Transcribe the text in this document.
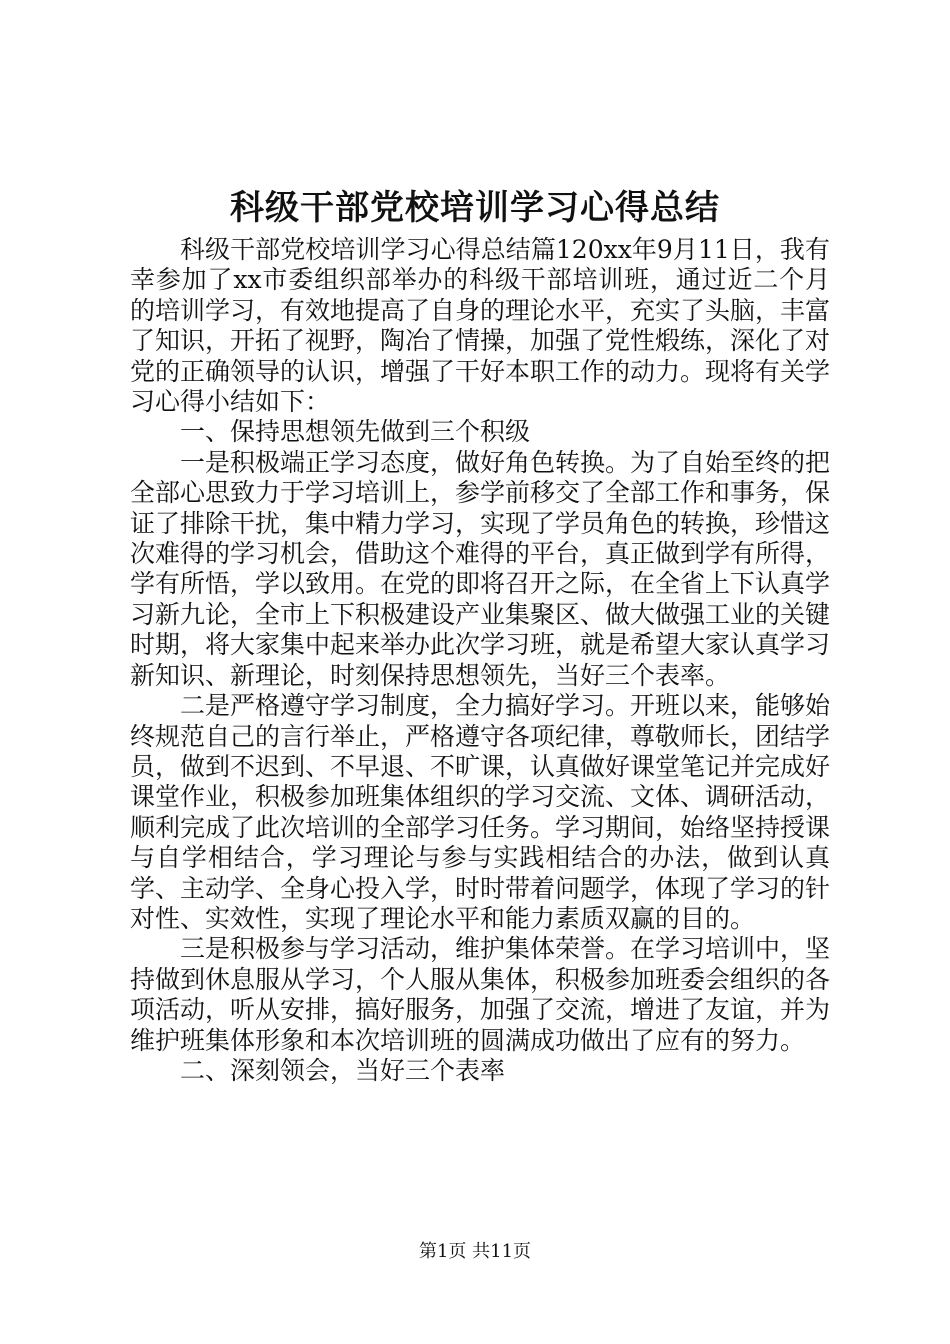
科级干部党校培训学习心得总结

科级干部党校培训学习心得总结篇120xx年9月11日，我有幸参加了xx市委组织部举办的科级干部培训班，通过近二个月的培训学习，有效地提高了自身的理论水平，充实了头脑，丰富了知识，开拓了视野，陶冶了情操，加强了党性煅练，深化了对党的正确领导的认识，增强了干好本职工作的动力。现将有关学习心得小结如下：

一、保持思想领先做到三个积级

一是积极端正学习态度，做好角色转换。为了自始至终的把全部心思致力于学习培训上，参学前移交了全部工作和事务，保证了排除干扰，集中精力学习，实现了学员角色的转换，珍惜这次难得的学习机会，借助这个难得的平台，真正做到学有所得，学有所悟，学以致用。在党的即将召开之际，在全省上下认真学习新九论，全市上下积极建设产业集聚区、做大做强工业的关键时期，将大家集中起来举办此次学习班，就是希望大家认真学习新知识、新理论，时刻保持思想领先，当好三个表率。

二是严格遵守学习制度，全力搞好学习。开班以来，能够始终规范自己的言行举止，严格遵守各项纪律，尊敬师长，团结学员，做到不迟到、不早退、不旷课，认真做好课堂笔记并完成好课堂作业，积极参加班集体组织的学习交流、文体、调研活动，顺利完成了此次培训的全部学习任务。学习期间，始络坚持授课与自学相结合，学习理论与参与实践相结合的办法，做到认真学、主动学、全身心投入学，时时带着问题学，体现了学习的针对性、实效性，实现了理论水平和能力素质双赢的目的。

三是积极参与学习活动，维护集体荣誉。在学习培训中，坚持做到休息服从学习，个人服从集体，积极参加班委会组织的各项活动，听从安排，搞好服务，加强了交流，增进了友谊，并为维护班集体形象和本次培训班的圆满成功做出了应有的努力。

二、深刻领会，当好三个表率

第1页 共11页
